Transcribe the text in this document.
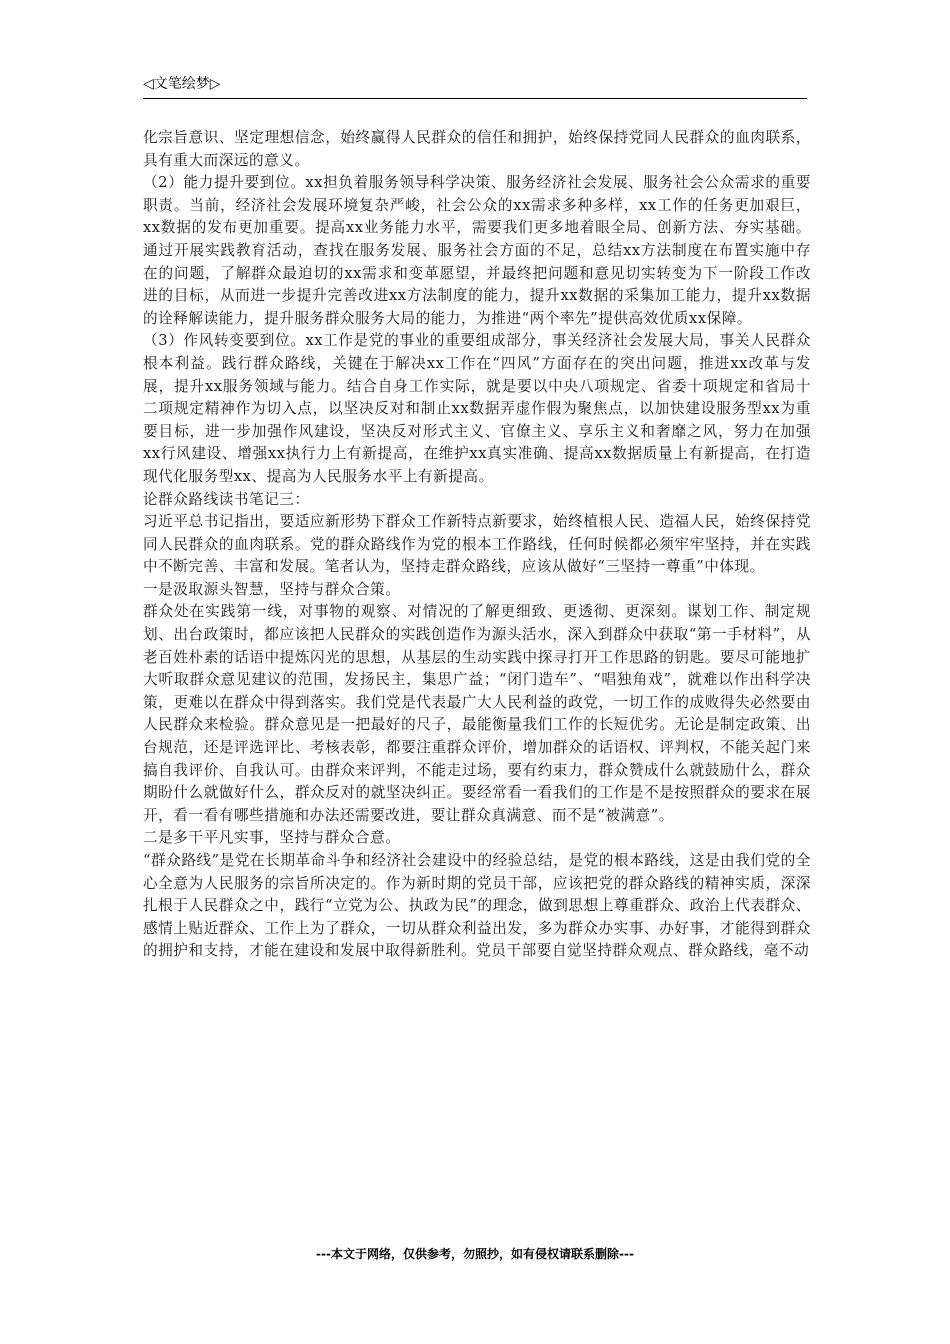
◁文笔绘梦▷

化宗旨意识、坚定理想信念，始终赢得人民群众的信任和拥护，始终保持党同人民群众的血肉联系，具有重大而深远的意义。

（2）能力提升要到位。xx担负着服务领导科学决策、服务经济社会发展、服务社会公众需求的重要职责。当前，经济社会发展环境复杂严峻，社会公众的xx需求多种多样，xx工作的任务更加艰巨，xx数据的发布更加重要。提高xx业务能力水平，需要我们更多地着眼全局、创新方法、夯实基础。通过开展实践教育活动，查找在服务发展、服务社会方面的不足，总结xx方法制度在布置实施中存在的问题，了解群众最迫切的xx需求和变革愿望，并最终把问题和意见切实转变为下一阶段工作改进的目标，从而进一步提升完善改进xx方法制度的能力，提升xx数据的采集加工能力，提升xx数据的诠释解读能力，提升服务群众服务大局的能力，为推进“两个率先”提供高效优质xx保障。

（3）作风转变要到位。xx工作是党的事业的重要组成部分，事关经济社会发展大局，事关人民群众根本利益。践行群众路线，关键在于解决xx工作在“四风”方面存在的突出问题，推进xx改革与发展，提升xx服务领域与能力。结合自身工作实际，就是要以中央八项规定、省委十项规定和省局十二项规定精神作为切入点，以坚决反对和制止xx数据弄虚作假为聚焦点，以加快建设服务型xx为重要目标，进一步加强作风建设，坚决反对形式主义、官僚主义、享乐主义和奢靡之风，努力在加强xx行风建设、增强xx执行力上有新提高，在维护xx真实准确、提高xx数据质量上有新提高，在打造现代化服务型xx、提高为人民服务水平上有新提高。

论群众路线读书笔记三：

习近平总书记指出，要适应新形势下群众工作新特点新要求，始终植根人民、造福人民，始终保持党同人民群众的血肉联系。党的群众路线作为党的根本工作路线，任何时候都必须牢牢坚持，并在实践中不断完善、丰富和发展。笔者认为，坚持走群众路线，应该从做好“三坚持一尊重”中体现。

一是汲取源头智慧，坚持与群众合策。

群众处在实践第一线，对事物的观察、对情况的了解更细致、更透彻、更深刻。谋划工作、制定规划、出台政策时，都应该把人民群众的实践创造作为源头活水，深入到群众中获取“第一手材料”，从老百姓朴素的话语中提炼闪光的思想，从基层的生动实践中探寻打开工作思路的钥匙。要尽可能地扩大听取群众意见建议的范围，发扬民主，集思广益；“闭门造车”、“唱独角戏”，就难以作出科学决策，更难以在群众中得到落实。我们党是代表最广大人民利益的政党，一切工作的成败得失必然要由人民群众来检验。群众意见是一把最好的尺子，最能衡量我们工作的长短优劣。无论是制定政策、出台规范，还是评选评比、考核表彰，都要注重群众评价，增加群众的话语权、评判权，不能关起门来搞自我评价、自我认可。由群众来评判，不能走过场，要有约束力，群众赞成什么就鼓励什么，群众期盼什么就做好什么，群众反对的就坚决纠正。要经常看一看我们的工作是不是按照群众的要求在展开，看一看有哪些措施和办法还需要改进，要让群众真满意、而不是“被满意”。

二是多干平凡实事，坚持与群众合意。

“群众路线”是党在长期革命斗争和经济社会建设中的经验总结，是党的根本路线，这是由我们党的全心全意为人民服务的宗旨所决定的。作为新时期的党员干部，应该把党的群众路线的精神实质，深深扎根于人民群众之中，践行“立党为公、执政为民”的理念，做到思想上尊重群众、政治上代表群众、感情上贴近群众、工作上为了群众，一切从群众利益出发，多为群众办实事、办好事，才能得到群众的拥护和支持，才能在建设和发展中取得新胜利。党员干部要自觉坚持群众观点、群众路线，毫不动

---本文于网络，仅供参考，勿照抄，如有侵权请联系删除---
